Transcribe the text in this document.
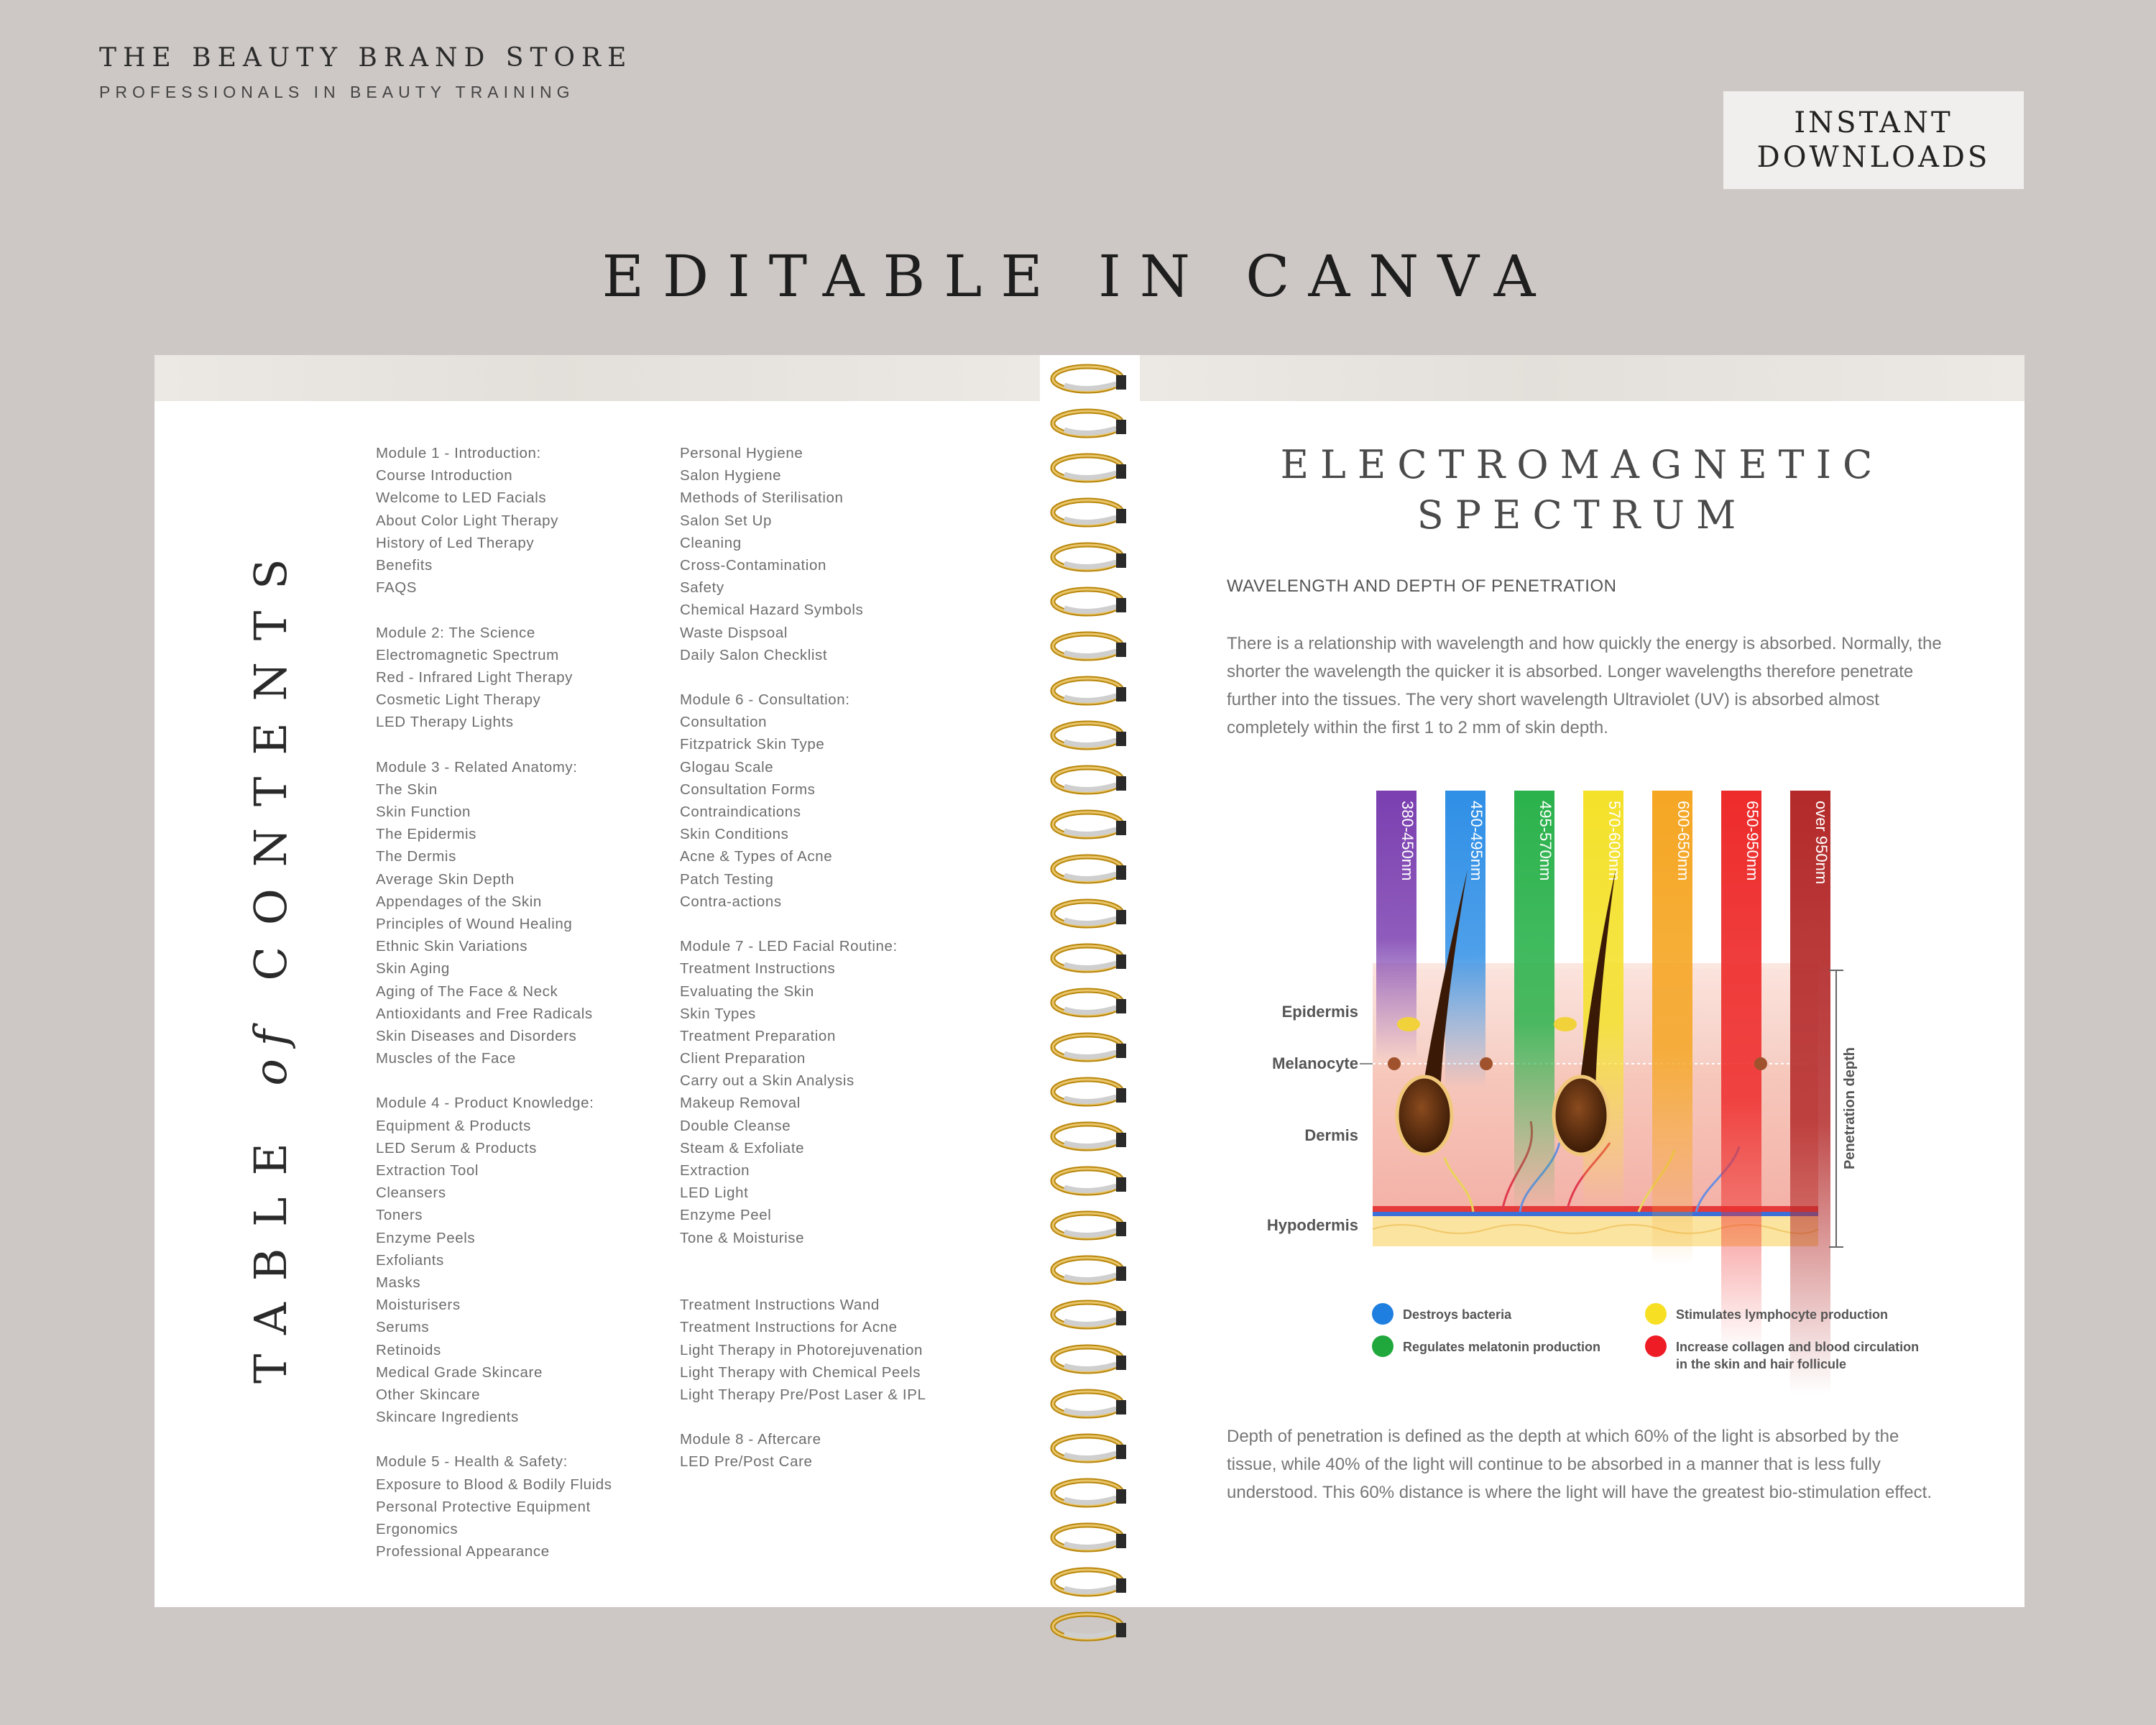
THE BEAUTY BRAND STORE
PROFESSIONALS IN BEAUTY TRAINING
INSTANT
DOWNLOADS
EDITABLE IN CANVA
TABLE of CONTENTS
Module 1 - Introduction:
Course Introduction
Welcome to LED Facials
About Color Light Therapy
History of Led Therapy
Benefits
FAQS
Module 2: The Science
Electromagnetic Spectrum
Red - Infrared Light Therapy
Cosmetic Light Therapy
LED Therapy Lights
Module 3 - Related Anatomy:
The Skin
Skin Function
The Epidermis
The Dermis
Average Skin Depth
Appendages of the Skin
Principles of Wound Healing
Ethnic Skin Variations
Skin Aging
Aging of The Face & Neck
Antioxidants and Free Radicals
Skin Diseases and Disorders
Muscles of the Face
Module 4 - Product Knowledge:
Equipment & Products
LED Serum & Products
Extraction Tool
Cleansers
Toners
Enzyme Peels
Exfoliants
Masks
Moisturisers
Serums
Retinoids
Medical Grade Skincare
Other Skincare
Skincare Ingredients
Module 5 - Health & Safety:
Exposure to Blood & Bodily Fluids
Personal Protective Equipment
Ergonomics
Professional Appearance
Personal Hygiene
Salon Hygiene
Methods of Sterilisation
Salon Set Up
Cleaning
Cross-Contamination
Safety
Chemical Hazard Symbols
Waste Dispsoal
Daily Salon Checklist
Module 6 - Consultation:
Consultation
Fitzpatrick Skin Type
Glogau Scale
Consultation Forms
Contraindications
Skin Conditions
Acne & Types of Acne
Patch Testing
Contra-actions
Module 7 - LED Facial Routine:
Treatment Instructions
Evaluating the Skin
Skin Types
Treatment Preparation
Client Preparation
Carry out a Skin Analysis
Makeup Removal
Double Cleanse
Steam & Exfoliate
Extraction
LED Light
Enzyme Peel
Tone & Moisturise
Treatment Instructions Wand
Treatment Instructions for Acne
Light Therapy in Photorejuvenation
Light Therapy with Chemical Peels
Light Therapy Pre/Post Laser & IPL
Module 8 - Aftercare
LED Pre/Post Care
ELECTROMAGNETIC
SPECTRUM
WAVELENGTH AND DEPTH OF PENETRATION
There is a relationship with wavelength and how quickly the energy is absorbed. Normally, the shorter the wavelength the quicker it is absorbed. Longer wavelengths therefore penetrate further into the tissues. The very short wavelength Ultraviolet (UV) is absorbed almost completely within the first 1 to 2 mm of skin depth.
Depth of penetration is defined as the depth at which 60% of the light is absorbed by the tissue, while 40% of the light will continue to be absorbed in a manner that is less fully understood. This 60% distance is where the light will have the greatest bio-stimulation effect.
380-450nm	450-495nm	495-570nm	570-600nm	600-650nm	650-950nm	over 950nm
Epidermis
Melanocyte
Dermis
Hypodermis
Penetration depth
Destroys bacteria	Stimulates lymphocyte production
Regulates melatonin production	Increase collagen and blood circulation
in the skin and hair follicule
